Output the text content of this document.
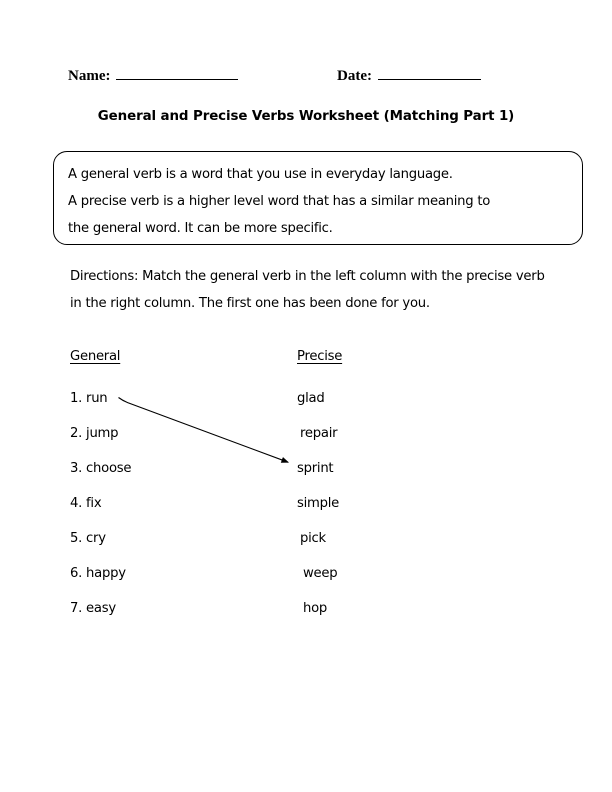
Name:	Date:
General and Precise Verbs Worksheet (Matching Part 1)

A general verb is a word that you use in everyday language.

A precise verb is a higher level word that has a similar meaning to

the general word. It can be more specific.

Directions: Match the general verb in the left column with the precise verb in the right column. The first one has been done for you.

General	Precise
1. run
2. jump
3. choose
4. fix
5. cry
6. happy
7. easy
glad
repair
sprint
simple
pick
weep
hop
